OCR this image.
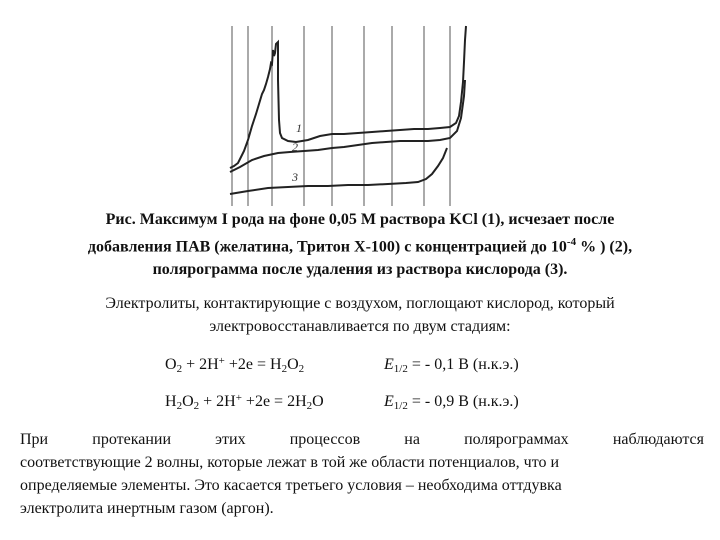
1
2
3
Рис. Максимум I рода на фоне 0,05 М раствора KCl (1), исчезает после
добавления ПАВ (желатина, Тритон Х-100) с концентрацией до $10^{-4}$ % ) (2),
полярограмма после удаления из раствора кислорода (3).
Электролиты, контактирующие с воздухом, поглощают кислород, который
электровосстанавливается по двум стадиям:
$O_2 + 2H^+ +2e = H_2O_2$	$E_{1/2}$ = - 0,1 В (н.к.э.)
$H_2O_2 + 2H^+ +2e = 2H_2O$	$E_{1/2}$ = - 0,9 В (н.к.э.)
При	протекании	этих	процессов	на	полярограммах	наблюдаются
соответствующие 2 волны, которые лежат в той же области потенциалов, что и
определяемые элементы. Это касается третьего условия – необходима оттдувка
электролита инертным газом (аргон).
